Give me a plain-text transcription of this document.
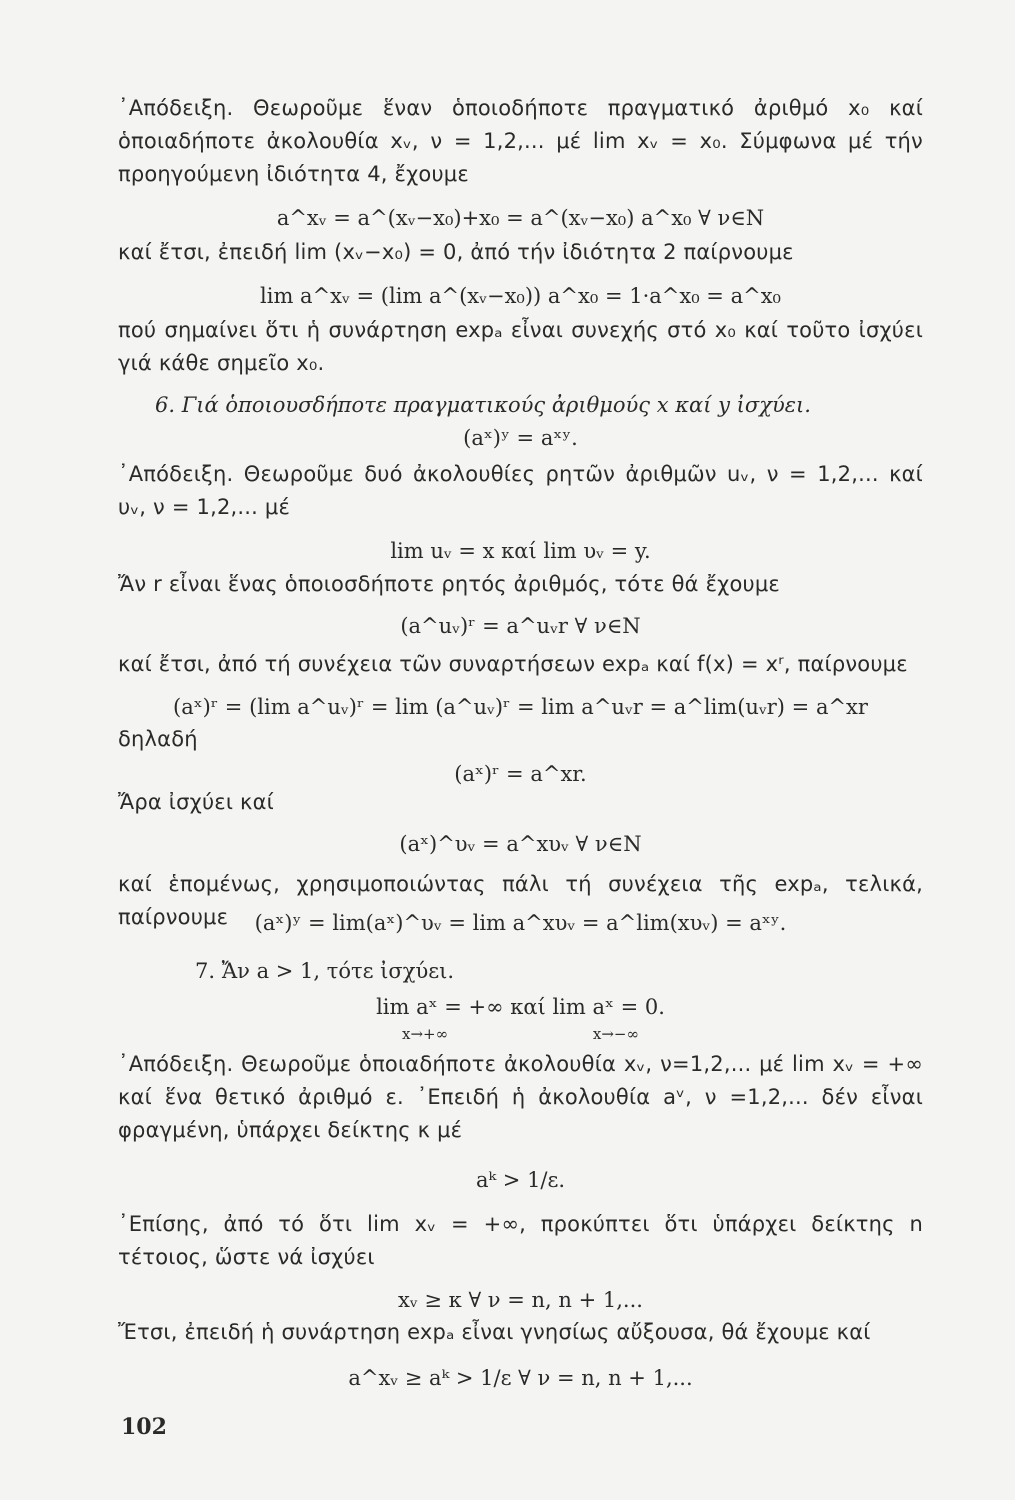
᾿Απόδειξη. Θεωροῦμε ἕναν ὁποιοδήποτε πραγματικό ἀριθμό x₀ καί ὁποιαδήποτε ἀκολουθία xᵥ, ν = 1,2,... μέ lim xᵥ = x₀. Σύμφωνα μέ τήν προηγούμενη ἰδιότητα 4, ἔχουμε
a^xᵥ = a^(xᵥ−x₀)+x₀ = a^(xᵥ−x₀) a^x₀ ∀ ν∈N
καί ἔτσι, ἐπειδή lim (xᵥ−x₀) = 0, ἀπό τήν ἰδιότητα 2 παίρνουμε
lim a^xᵥ = (lim a^(xᵥ−x₀)) a^x₀ = 1·a^x₀ = a^x₀
πού σημαίνει ὅτι ἡ συνάρτηση expₐ εἶναι συνεχής στό x₀ καί τοῦτο ἰσχύει γιά κάθε σημεῖο x₀.
6. Γιά ὁποιουσδήποτε πραγματικούς ἀριθμούς x καί y ἰσχύει.
(aˣ)ʸ = aˣʸ.
᾿Απόδειξη. Θεωροῦμε δυό ἀκολουθίες ρητῶν ἀριθμῶν uᵥ, ν = 1,2,... καί υᵥ, ν = 1,2,... μέ
lim uᵥ = x καί lim υᵥ = y.
Ἄν r εἶναι ἕνας ὁποιοσδήποτε ρητός ἀριθμός, τότε θά ἔχουμε
(a^uᵥ)ʳ = a^uᵥr ∀ ν∈N
καί ἔτσι, ἀπό τή συνέχεια τῶν συναρτήσεων expₐ καί f(x) = xʳ, παίρνουμε
(aˣ)ʳ = (lim a^uᵥ)ʳ = lim (a^uᵥ)ʳ = lim a^uᵥr = a^lim(uᵥr) = a^xr
δηλαδή
(aˣ)ʳ = a^xr.
Ἄρα ἰσχύει καί
(aˣ)^υᵥ = a^xυᵥ ∀ ν∈N
καί ἑπομένως, χρησιμοποιώντας πάλι τή συνέχεια τῆς expₐ, τελικά, παίρνουμε	(aˣ)ʸ = lim(aˣ)^υᵥ = lim a^xυᵥ = a^lim(xυᵥ) = aˣʸ.
7. Ἄν a > 1, τότε ἰσχύει.
lim aˣ = +∞ καί lim aˣ = 0.
x→+∞ x→−∞
᾿Απόδειξη. Θεωροῦμε ὁποιαδήποτε ἀκολουθία xᵥ, ν=1,2,... μέ lim xᵥ = +∞ καί ἕνα θετικό ἀριθμό ε. ᾿Επειδή ἡ ἀκολουθία aᵛ, ν =1,2,... δέν εἶναι φραγμένη, ὑπάρχει δείκτης κ μέ
aᵏ > 1/ε.
᾿Επίσης, ἀπό τό ὅτι lim xᵥ = +∞, προκύπτει ὅτι ὑπάρχει δείκτης n τέτοιος, ὥστε νά ἰσχύει
xᵥ ≥ κ ∀ ν = n, n + 1,...
Ἔτσι, ἐπειδή ἡ συνάρτηση expₐ εἶναι γνησίως αὔξουσα, θά ἔχουμε καί
a^xᵥ ≥ aᵏ > 1/ε ∀ ν = n, n + 1,...
102
